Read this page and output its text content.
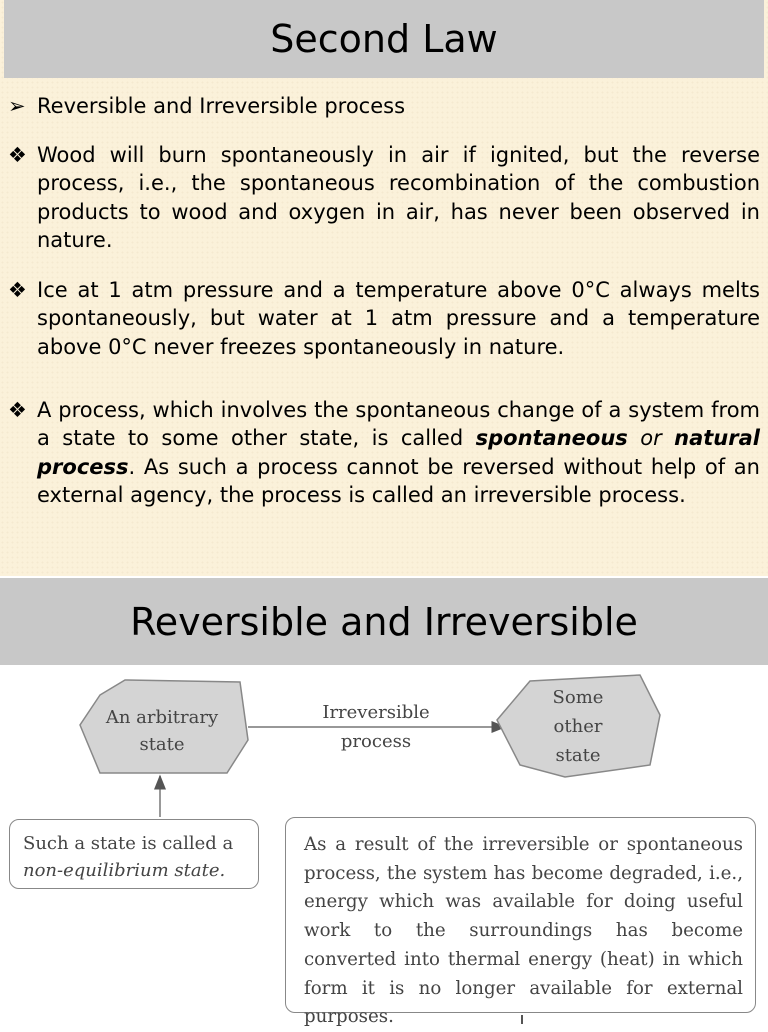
Second Law
➢ Reversible and Irreversible process
❖ Wood will burn spontaneously in air if ignited, but the reverse process, i.e., the spontaneous recombination of the combustion products to wood and oxygen in air, has never been observed in nature.
❖ Ice at 1 atm pressure and a temperature above 0°C always melts spontaneously, but water at 1 atm pressure and a temperature above 0°C never freezes spontaneously in nature.
❖ A process, which involves the spontaneous change of a system from a state to some other state, is called spontaneous or natural process. As such a process cannot be reversed without help of an external agency, the process is called an irreversible process.
Reversible and Irreversible
An arbitrary
state
Irreversible
process
Some
other
state
Such a state is called a
non-equilibrium state.
As a result of the irreversible or spontaneous process, the system has become degraded, i.e., energy which was available for doing useful work to the surroundings has become converted into thermal energy (heat) in which form it is no longer available for external purposes.
